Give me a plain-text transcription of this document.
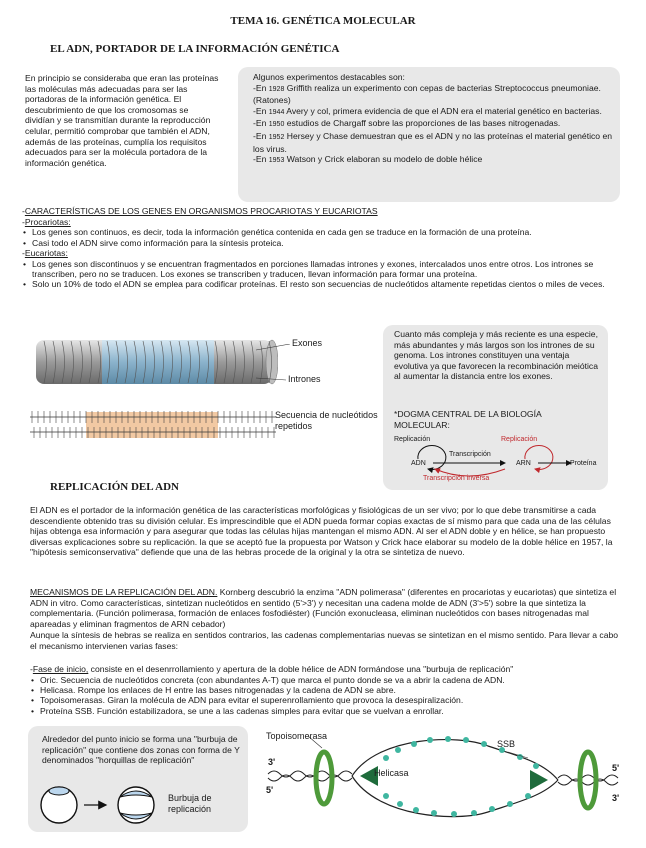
TEMA 16. GENÉTICA MOLECULAR
EL ADN, PORTADOR DE LA INFORMACIÓN GENÉTICA

En principio se consideraba que eran las proteínas las moléculas más adecuadas para ser las portadoras de la información genética. El descubrimiento de que los cromosomas se dividían y se transmitían durante la reproducción celular, permitió comprobar que también el ADN, además de las proteínas, cumplía los requisitos adecuados para ser la molécula portadora de la información genética.

Algunos experimentos destacables son:
-En 1928 Griffith realiza un experimento con cepas de bacterias Streptococcus pneumoniae. (Ratones)
-En 1944 Avery y col, primera evidencia de que el ADN era el material genético en bacterias.
-En 1950 estudios de Chargaff sobre las proporciones de las bases nitrogenadas.
-En 1952 Hersey y Chase demuestran que es el ADN y no las proteínas el material genético en los virus.
-En 1953 Watson y Crick elaboran su modelo de doble hélice
-CARACTERÍSTICAS DE LOS GENES EN ORGANISMOS PROCARIOTAS Y EUCARIOTAS
-Procariotas:
• Los genes son continuos, es decir, toda la información genética contenida en cada gen se traduce en la formación de una proteína.
• Casi todo el ADN sirve como información para la síntesis proteica.
-Eucariotas:
• Los genes son discontinuos y se encuentran fragmentados en porciones llamadas intrones y exones, intercalados unos entre otros. Los intrones se transcriben, pero no se traducen. Los exones se transcriben y traducen, llevan información para formar una proteína.
• Solo un 10% de todo el ADN se emplea para codificar proteínas. El resto son secuencias de nucleótidos altamente repetidas cientos o miles de veces.
Exones
Intrones
Secuencia de nucleótidos repetidos

Cuanto más compleja y más reciente es una especie, más abundantes y más largos son los intrones de su genoma. Los intrones constituyen una ventaja evolutiva ya que favorecen la recombinación meiótica al aumentar la distancia entre los exones.

*DOGMA CENTRAL DE LA BIOLOGÍA MOLECULAR:

Replicación	Replicación
Transcripción
ADN	ARN	Proteína
Transcripción inversa
REPLICACIÓN DEL ADN

El ADN es el portador de la información genética de las características morfológicas y fisiológicas de un ser vivo; por lo que debe transmitirse a cada descendiente obtenido tras su división celular. Es imprescindible que el ADN pueda formar copias exactas de sí mismo para que cada una de las células hijas obtenga esa información y para asegurar que todas las células hijas mantengan el mismo ADN. Al ser el ADN doble y en hélice, se han propuesto diversas explicaciones sobre su replicación. la que se aceptó fue la propuesta por Watson y Crick hace elaborar su modelo de la doble hélice en 1957, la "hipótesis semiconservativa" defiende que una de las hebras procede de la original y la otra se sintetiza de nuevo.

MECANISMOS DE LA REPLICACIÓN DEL ADN. Kornberg descubrió la enzima "ADN polimerasa" (diferentes en procariotas y eucariotas) que sintetiza el ADN in vitro. Como características, sintetizan nucleótidos en sentido (5'>3') y necesitan una cadena molde de ADN (3'>5') sobre la que sintetiza la complementaria. (Función polimerasa, formación de enlaces fosfodiéster) (Función exonucleasa, eliminan nucleótidos con bases nitrogenadas mal apareadas y eliminan fragmentos de ARN cebador)

Aunque la síntesis de hebras se realiza en sentidos contrarios, las cadenas complementarias nuevas se sintetizan en el mismo sentido. Para llevar a cabo el mecanismo intervienen varias fases:

-Fase de inicio, consiste en el desenrrollamiento y apertura de la doble hélice de ADN formándose una "burbuja de replicación"
• Oric. Secuencia de nucleótidos concreta (con abundantes A-T) que marca el punto donde se va a abrir la cadena de ADN.
• Helicasa. Rompe los enlaces de H entre las bases nitrogenadas y la cadena de ADN se abre.
• Topoisomerasas. Giran la molécula de ADN para evitar el superenrollamiento que provoca la desespiralización.
• Proteína SSB. Función estabilizadora, se une a las cadenas simples para evitar que se vuelvan a enrollar.

Alrededor del punto inicio se forma una "burbuja de replicación" que contiene dos zonas con forma de Y denominados "horquillas de replicación"

Burbuja de replicación
Topoisomerasa
Helicasa
SSB
3'
5'
5'
3'
